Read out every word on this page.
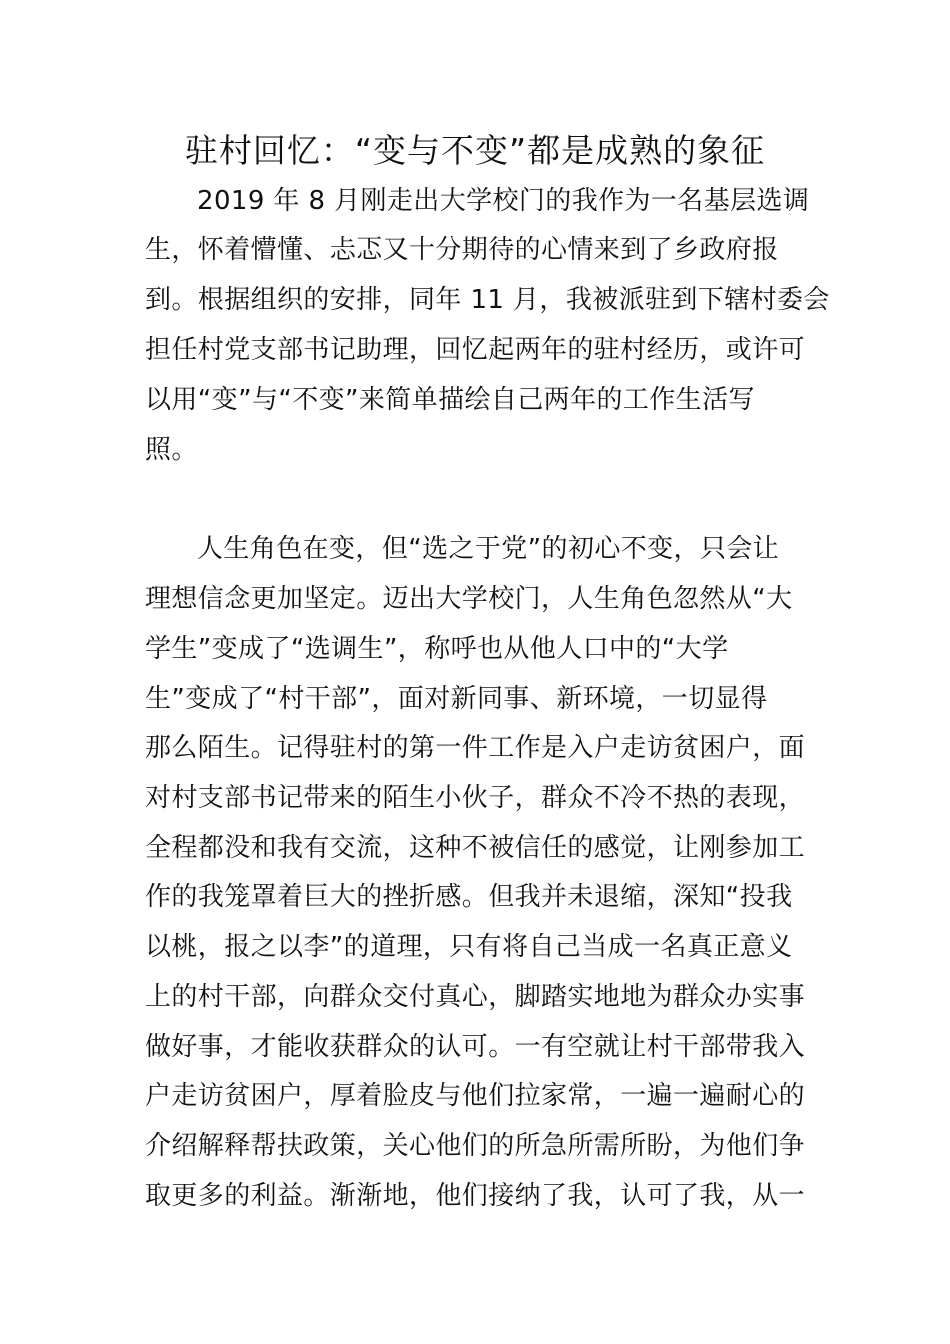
驻村回忆：“变与不变”都是成熟的象征
2019 年 8 月刚走出大学校门的我作为一名基层选调
生，怀着懵懂、忐忑又十分期待的心情来到了乡政府报
到。根据组织的安排，同年 11 月，我被派驻到下辖村委会
担任村党支部书记助理，回忆起两年的驻村经历，或许可
以用“变”与“不变”来简单描绘自己两年的工作生活写
照。
人生角色在变，但“选之于党”的初心不变，只会让
理想信念更加坚定。迈出大学校门，人生角色忽然从“大
学生”变成了“选调生”，称呼也从他人口中的“大学
生”变成了“村干部”，面对新同事、新环境，一切显得
那么陌生。记得驻村的第一件工作是入户走访贫困户，面
对村支部书记带来的陌生小伙子，群众不冷不热的表现，
全程都没和我有交流，这种不被信任的感觉，让刚参加工
作的我笼罩着巨大的挫折感。但我并未退缩，深知“投我
以桃，报之以李”的道理，只有将自己当成一名真正意义
上的村干部，向群众交付真心，脚踏实地地为群众办实事
做好事，才能收获群众的认可。一有空就让村干部带我入
户走访贫困户，厚着脸皮与他们拉家常，一遍一遍耐心的
介绍解释帮扶政策，关心他们的所急所需所盼，为他们争
取更多的利益。渐渐地，他们接纳了我，认可了我，从一
